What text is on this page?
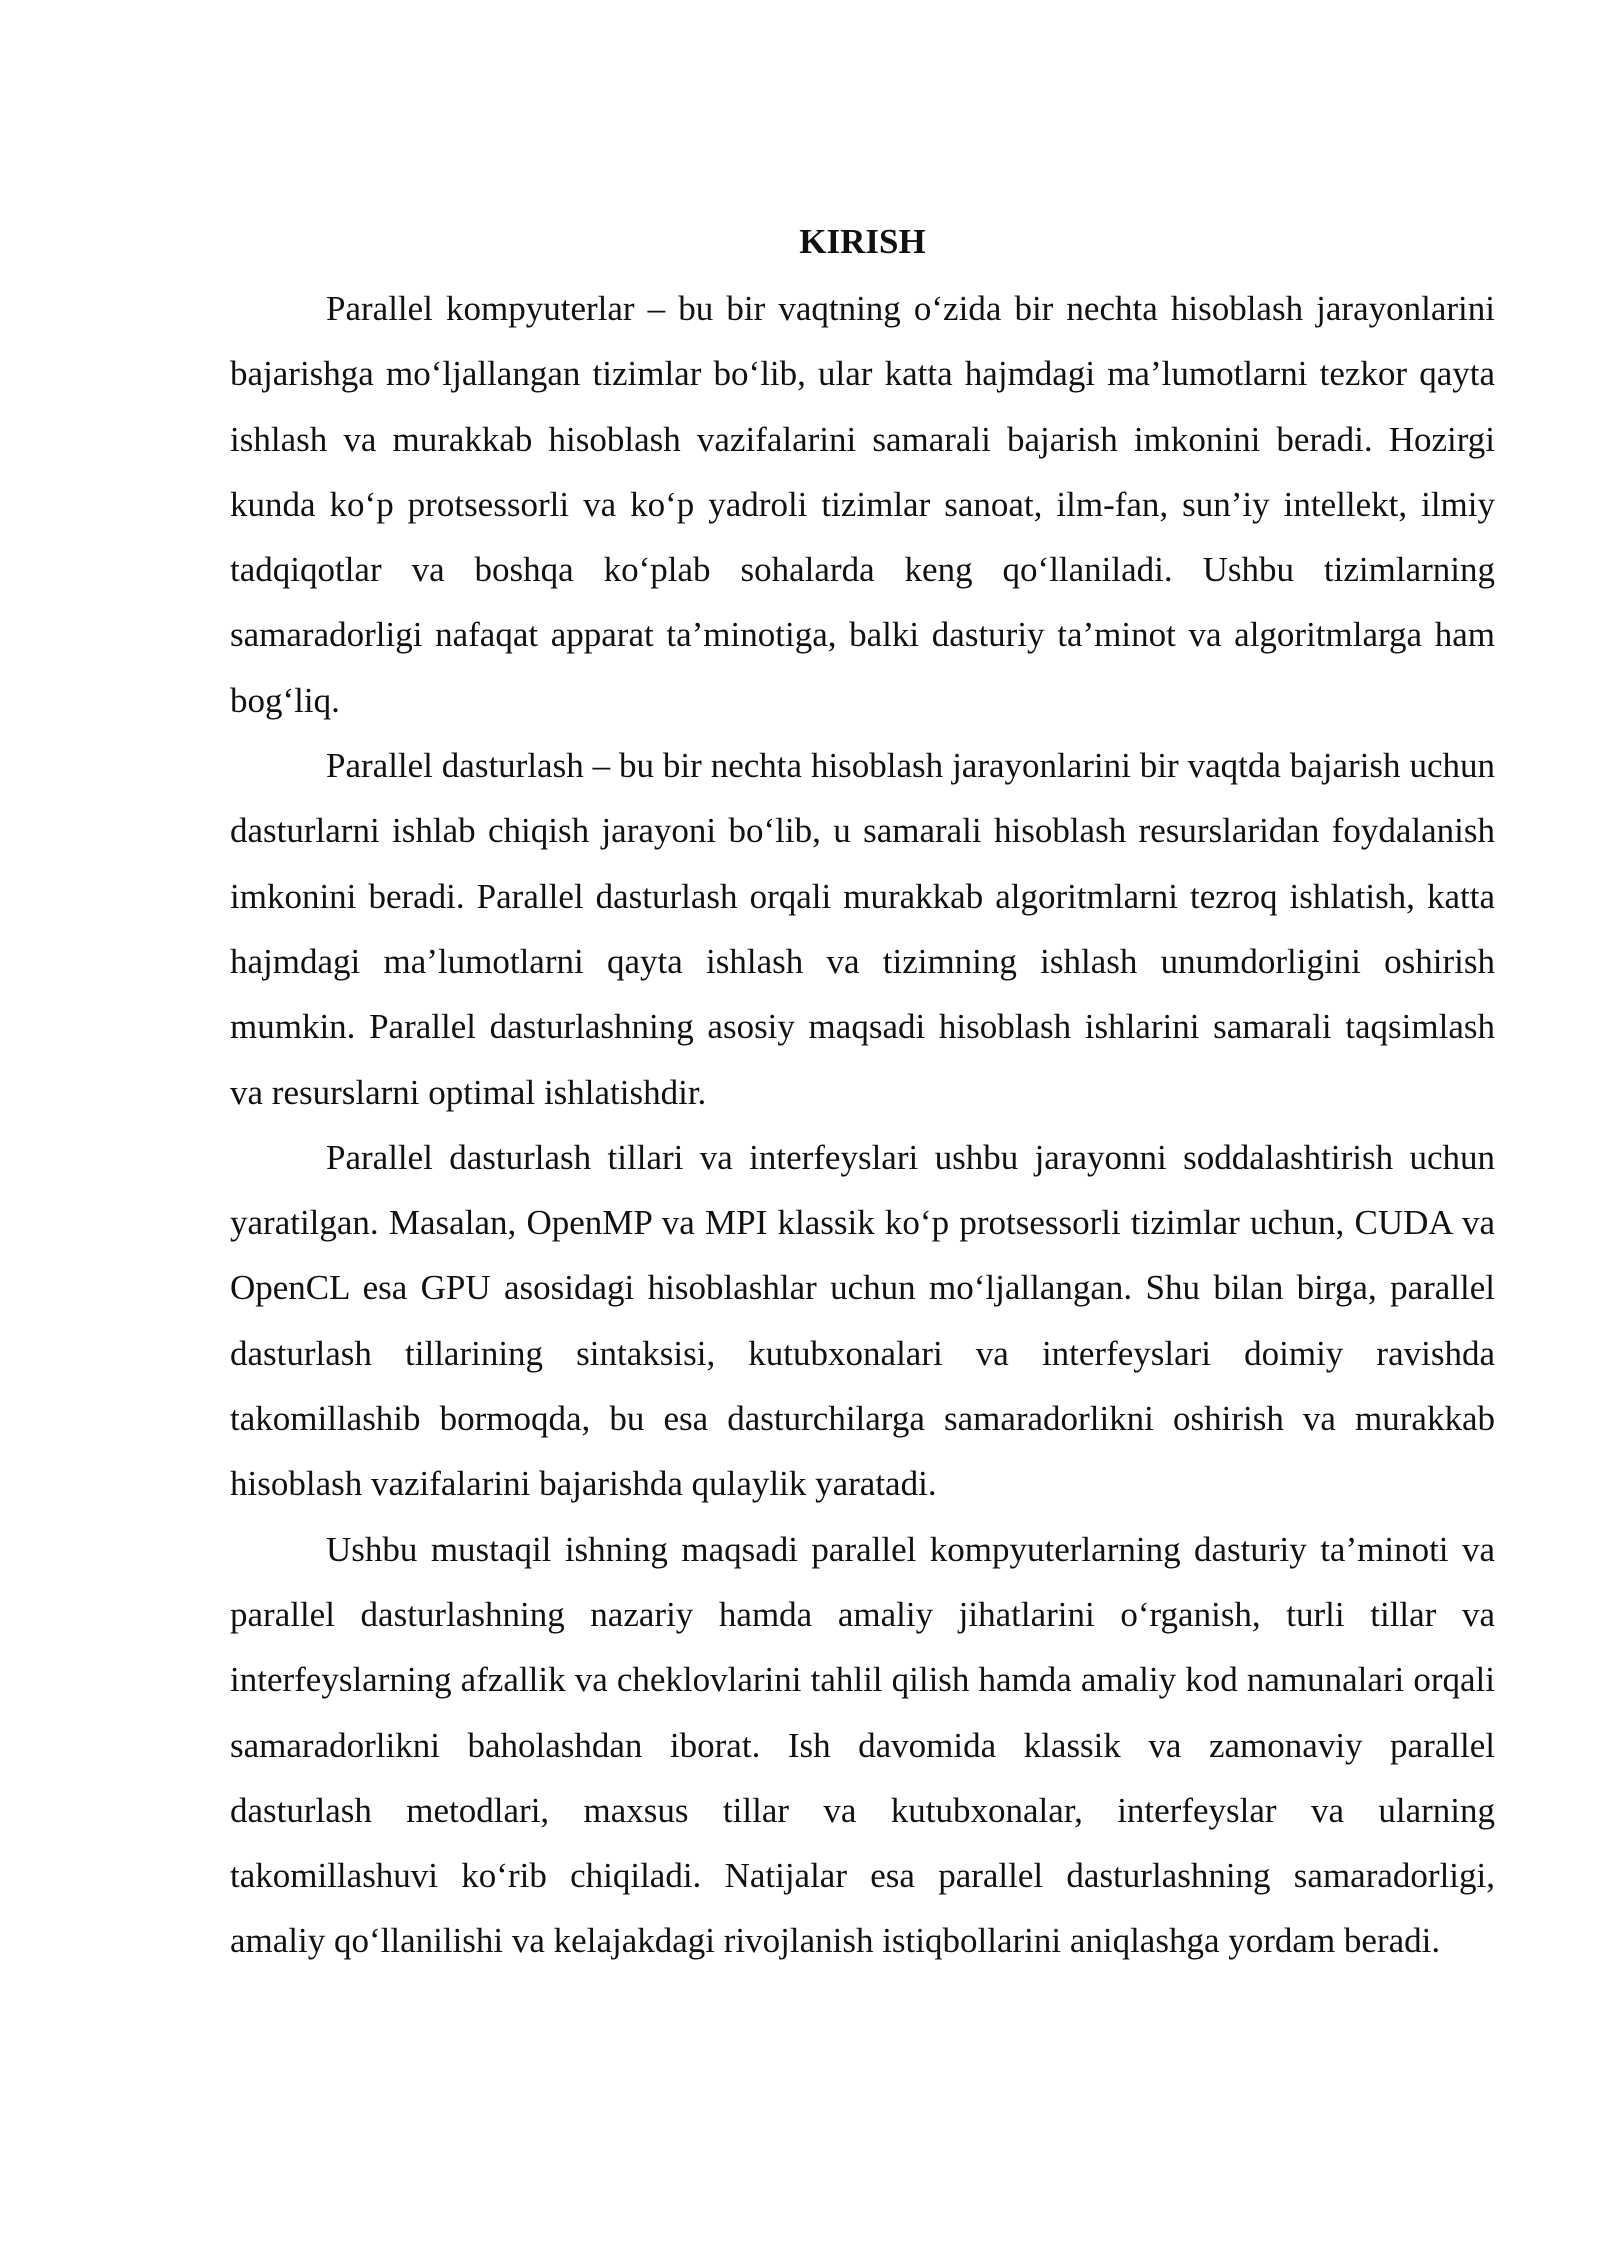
KIRISH

Parallel kompyuterlar – bu bir vaqtning o‘zida bir nechta hisoblash jarayonlarini bajarishga mo‘ljallangan tizimlar bo‘lib, ular katta hajmdagi ma’lumotlarni tezkor qayta ishlash va murakkab hisoblash vazifalarini samarali bajarish imkonini beradi. Hozirgi kunda ko‘p protsessorli va ko‘p yadroli tizimlar sanoat, ilm-fan, sun’iy intellekt, ilmiy tadqiqotlar va boshqa ko‘plab sohalarda keng qo‘llaniladi. Ushbu tizimlarning samaradorligi nafaqat apparat ta’minotiga, balki dasturiy ta’minot va algoritmlarga ham bog‘liq.

Parallel dasturlash – bu bir nechta hisoblash jarayonlarini bir vaqtda bajarish uchun dasturlarni ishlab chiqish jarayoni bo‘lib, u samarali hisoblash resurslaridan foydalanish imkonini beradi. Parallel dasturlash orqali murakkab algoritmlarni tezroq ishlatish, katta hajmdagi ma’lumotlarni qayta ishlash va tizimning ishlash unumdorligini oshirish mumkin. Parallel dasturlashning asosiy maqsadi hisoblash ishlarini samarali taqsimlash va resurslarni optimal ishlatishdir.

Parallel dasturlash tillari va interfeyslari ushbu jarayonni soddalashtirish uchun yaratilgan. Masalan, OpenMP va MPI klassik ko‘p protsessorli tizimlar uchun, CUDA va OpenCL esa GPU asosidagi hisoblashlar uchun mo‘ljallangan. Shu bilan birga, parallel dasturlash tillarining sintaksisi, kutubxonalari va interfeyslari doimiy ravishda takomillashib bormoqda, bu esa dasturchilarga samaradorlikni oshirish va murakkab hisoblash vazifalarini bajarishda qulaylik yaratadi.

Ushbu mustaqil ishning maqsadi parallel kompyuterlarning dasturiy ta’minoti va parallel dasturlashning nazariy hamda amaliy jihatlarini o‘rganish, turli tillar va interfeyslarning afzallik va cheklovlarini tahlil qilish hamda amaliy kod namunalari orqali samaradorlikni baholashdan iborat. Ish davomida klassik va zamonaviy parallel dasturlash metodlari, maxsus tillar va kutubxonalar, interfeyslar va ularning takomillashuvi ko‘rib chiqiladi. Natijalar esa parallel dasturlashning samaradorligi, amaliy qo‘llanilishi va kelajakdagi rivojlanish istiqbollarini aniqlashga yordam beradi.
